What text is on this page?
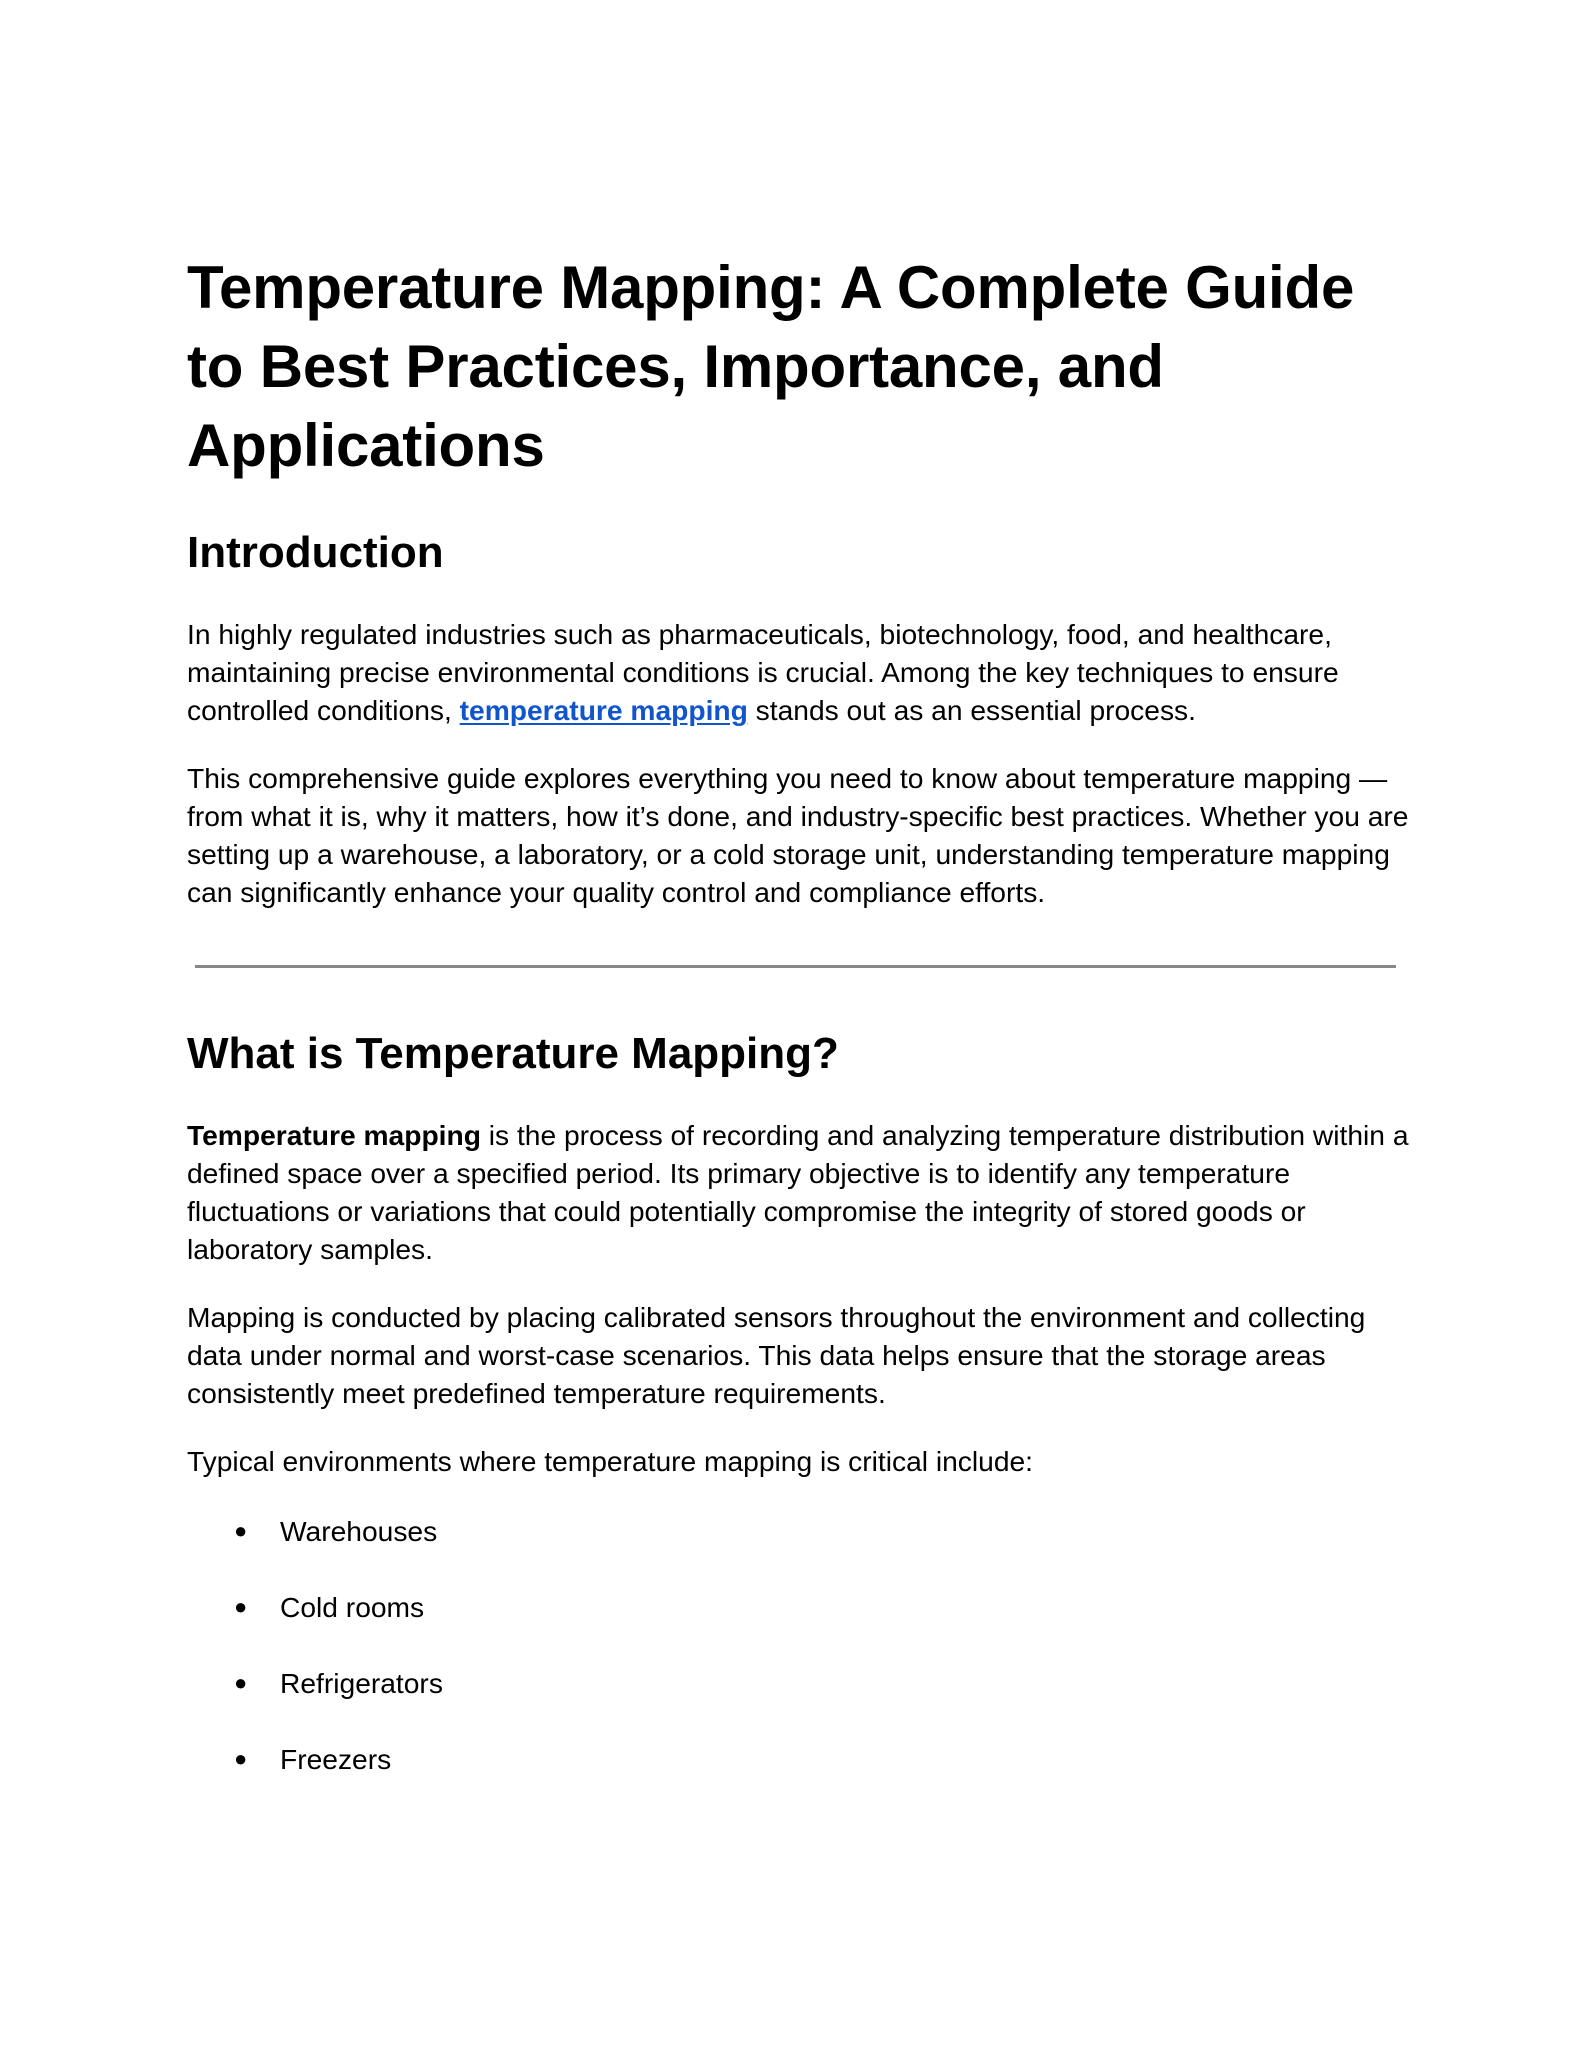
Temperature Mapping: A Complete Guide to Best Practices, Importance, and Applications
Introduction

In highly regulated industries such as pharmaceuticals, biotechnology, food, and healthcare, maintaining precise environmental conditions is crucial. Among the key techniques to ensure controlled conditions, temperature mapping stands out as an essential process.

This comprehensive guide explores everything you need to know about temperature mapping — from what it is, why it matters, how it’s done, and industry-specific best practices. Whether you are setting up a warehouse, a laboratory, or a cold storage unit, understanding temperature mapping can significantly enhance your quality control and compliance efforts.

What is Temperature Mapping?

Temperature mapping is the process of recording and analyzing temperature distribution within a defined space over a specified period. Its primary objective is to identify any temperature fluctuations or variations that could potentially compromise the integrity of stored goods or laboratory samples.

Mapping is conducted by placing calibrated sensors throughout the environment and collecting data under normal and worst-case scenarios. This data helps ensure that the storage areas consistently meet predefined temperature requirements.

Typical environments where temperature mapping is critical include:

● Warehouses
● Cold rooms
● Refrigerators
● Freezers
